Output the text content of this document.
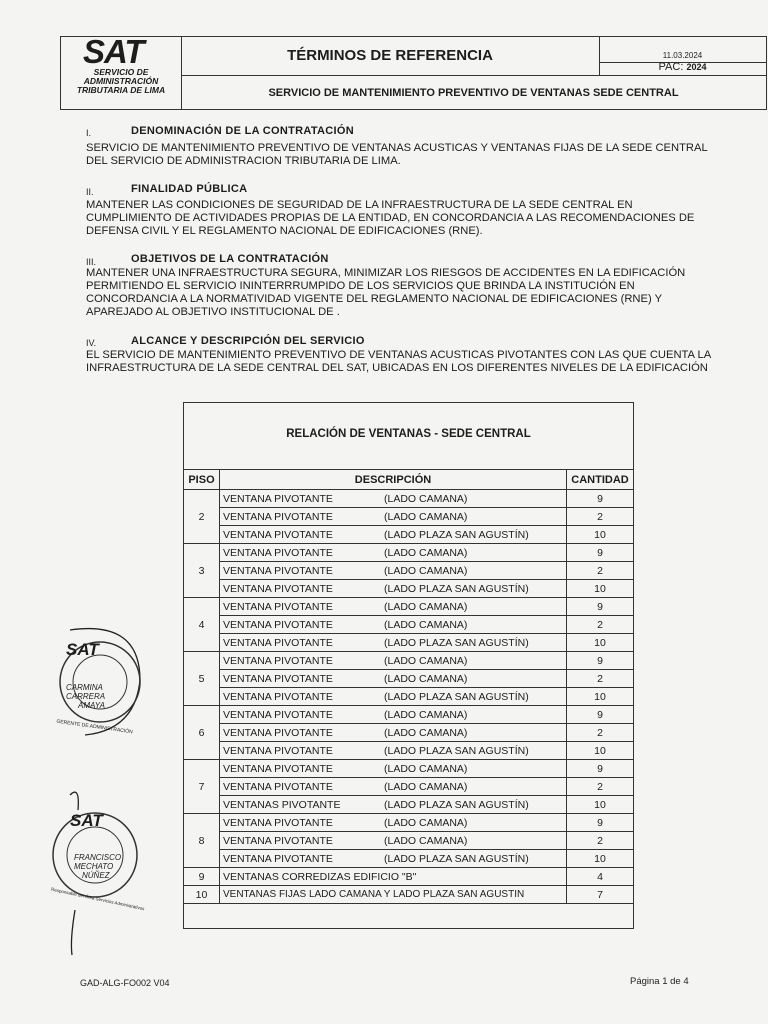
SAT
SERVICIO DE
ADMINISTRACIÓN
TRIBUTARIA DE LIMA
TÉRMINOS DE REFERENCIA	11.03.2024
PAC: 2024
SERVICIO DE MANTENIMIENTO PREVENTIVO DE VENTANAS SEDE CENTRAL
I.	DENOMINACIÓN DE LA CONTRATACIÓN
SERVICIO DE MANTENIMIENTO PREVENTIVO DE VENTANAS ACUSTICAS Y VENTANAS FIJAS DE LA SEDE CENTRAL
DEL SERVICIO DE ADMINISTRACION TRIBUTARIA DE LIMA.
II.	FINALIDAD PÚBLICA
MANTENER LAS CONDICIONES DE SEGURIDAD DE LA INFRAESTRUCTURA DE LA SEDE CENTRAL EN
CUMPLIMIENTO DE ACTIVIDADES PROPIAS DE LA ENTIDAD, EN CONCORDANCIA A LAS RECOMENDACIONES DE
DEFENSA CIVIL Y EL REGLAMENTO NACIONAL DE EDIFICACIONES (RNE).
III.	OBJETIVOS DE LA CONTRATACIÓN
MANTENER UNA INFRAESTRUCTURA SEGURA, MINIMIZAR LOS RIESGOS DE ACCIDENTES EN LA EDIFICACIÓN
PERMITIENDO EL SERVICIO ININTERRRUMPIDO DE LOS SERVICIOS QUE BRINDA LA INSTITUCIÓN EN
CONCORDANCIA A LA NORMATIVIDAD VIGENTE DEL REGLAMENTO NACIONAL DE EDIFICACIONES (RNE) Y
APAREJADO AL OBJETIVO INSTITUCIONAL DE .
IV.	ALCANCE Y DESCRIPCIÓN DEL SERVICIO
EL SERVICIO DE MANTENIMIENTO PREVENTIVO DE VENTANAS ACUSTICAS PIVOTANTES CON LAS QUE CUENTA LA
INFRAESTRUCTURA DE LA SEDE CENTRAL DEL SAT, UBICADAS EN LOS DIFERENTES NIVELES DE LA EDIFICACIÓN
RELACIÓN DE VENTANAS - SEDE CENTRAL
PISO	DESCRIPCIÓN	CANTIDAD
2	VENTANA PIVOTANTE (LADO CAMANA)	9
	VENTANA PIVOTANTE (LADO CAMANA)	2
	VENTANA PIVOTANTE (LADO PLAZA SAN AGUSTÍN)	10
3	VENTANA PIVOTANTE (LADO CAMANA)	9
	VENTANA PIVOTANTE (LADO CAMANA)	2
	VENTANA PIVOTANTE (LADO PLAZA SAN AGUSTÍN)	10
4	VENTANA PIVOTANTE (LADO CAMANA)	9
	VENTANA PIVOTANTE (LADO CAMANA)	2
	VENTANA PIVOTANTE (LADO PLAZA SAN AGUSTÍN)	10
5	VENTANA PIVOTANTE (LADO CAMANA)	9
	VENTANA PIVOTANTE (LADO CAMANA)	2
	VENTANA PIVOTANTE (LADO PLAZA SAN AGUSTÍN)	10
6	VENTANA PIVOTANTE (LADO CAMANA)	9
	VENTANA PIVOTANTE (LADO CAMANA)	2
	VENTANA PIVOTANTE (LADO PLAZA SAN AGUSTÍN)	10
7	VENTANA PIVOTANTE (LADO CAMANA)	9
	VENTANA PIVOTANTE (LADO CAMANA)	2
	VENTANAS PIVOTANTE (LADO PLAZA SAN AGUSTÍN)	10
8	VENTANA PIVOTANTE (LADO CAMANA)	9
	VENTANA PIVOTANTE (LADO CAMANA)	2
	VENTANA PIVOTANTE (LADO PLAZA SAN AGUSTÍN)	10
9	VENTANAS CORREDIZAS EDIFICIO "B"	4
10	VENTANAS FIJAS LADO CAMANA Y LADO PLAZA SAN AGUSTIN	7
SAT
CARMINA
CARRERA
AMAYA
GERENTE DE ADMINISTRACIÓN
SAT
FRANCISCO
MECHATO
NÚÑEZ
Responsable del Área Servicios Administrativos
GAD-ALG-FO002 V04	Página 1 de 4
